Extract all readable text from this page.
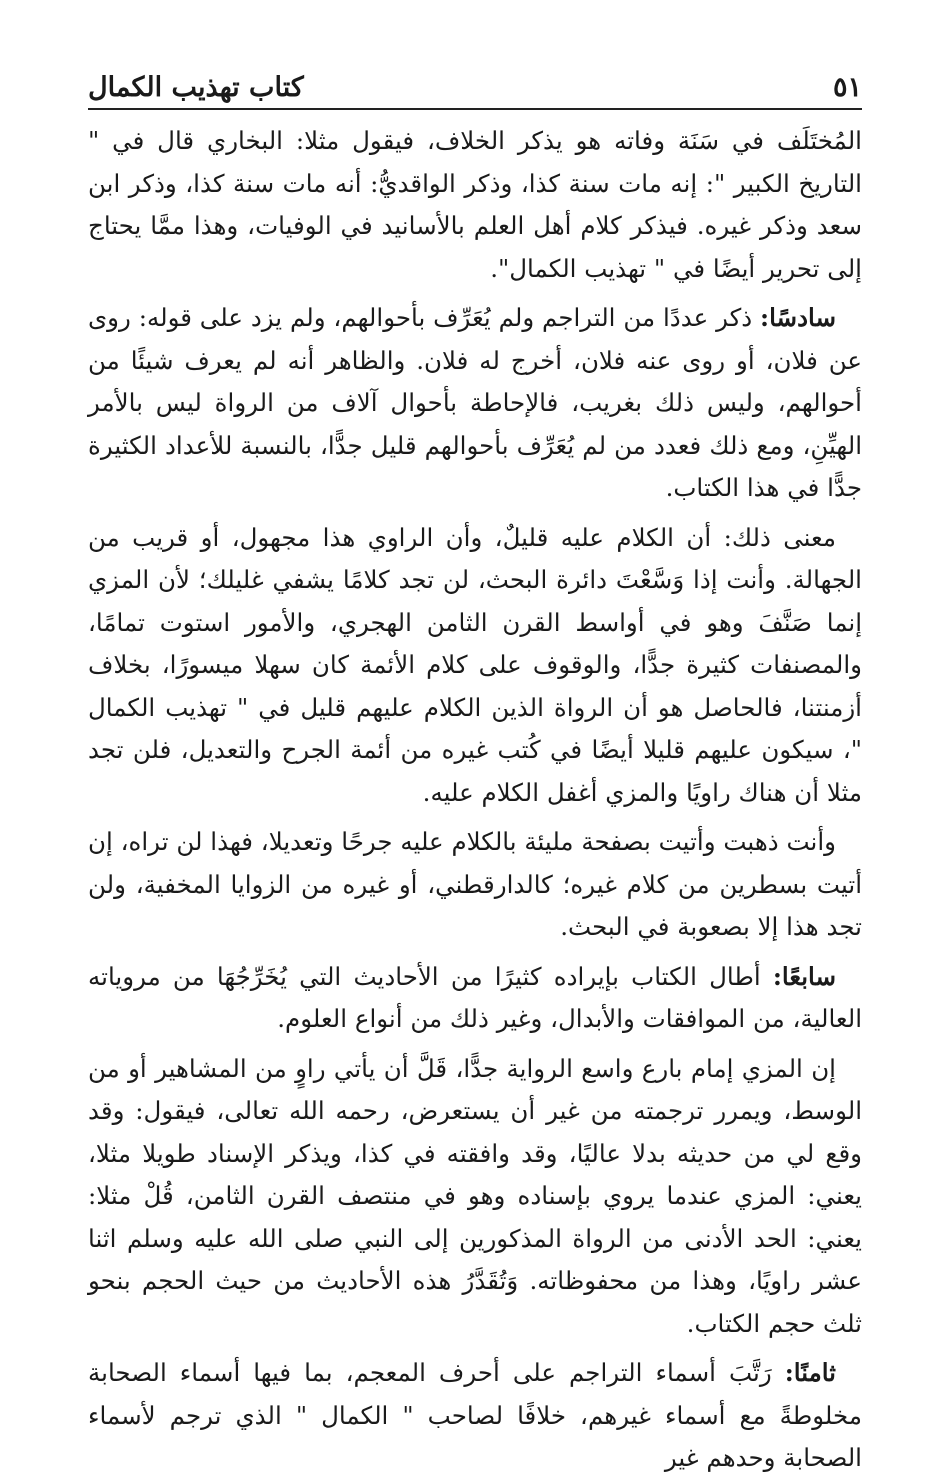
كتاب تهذيب الكمال	٥١

المُختَلَف في سَنَة وفاته هو يذكر الخلاف، فيقول مثلا: البخاري قال في " التاريخ الكبير ": إنه مات سنة كذا، وذكر الواقديُّ: أنه مات سنة كذا، وذكر ابن سعد وذكر غيره. فيذكر كلام أهل العلم بالأسانيد في الوفيات، وهذا ممَّا يحتاج إلى تحرير أيضًا في " تهذيب الكمال".

سادسًا: ذكر عددًا من التراجم ولم يُعَرِّف بأحوالهم، ولم يزد على قوله: روى عن فلان، أو روى عنه فلان، أخرج له فلان. والظاهر أنه لم يعرف شيئًا من أحوالهم، وليس ذلك بغريب، فالإحاطة بأحوال آلاف من الرواة ليس بالأمر الهيِّنِ، ومع ذلك فعدد من لم يُعَرِّف بأحوالهم قليل جدًّا، بالنسبة للأعداد الكثيرة جدًّا في هذا الكتاب.

معنى ذلك: أن الكلام عليه قليلٌ، وأن الراوي هذا مجهول، أو قريب من الجهالة. وأنت إذا وَسَّعْتَ دائرة البحث، لن تجد كلامًا يشفي غليلك؛ لأن المزي إنما صَنَّفَ وهو في أواسط القرن الثامن الهجري، والأمور استوت تمامًا، والمصنفات كثيرة جدًّا، والوقوف على كلام الأئمة كان سهلا ميسورًا، بخلاف أزمنتنا، فالحاصل هو أن الرواة الذين الكلام عليهم قليل في " تهذيب الكمال "، سيكون عليهم قليلا أيضًا في كُتب غيره من أئمة الجرح والتعديل، فلن تجد مثلا أن هناك راويًا والمزي أغفل الكلام عليه.

وأنت ذهبت وأتيت بصفحة مليئة بالكلام عليه جرحًا وتعديلا، فهذا لن تراه، إن أتيت بسطرين من كلام غيره؛ كالدارقطني، أو غيره من الزوايا المخفية، ولن تجد هذا إلا بصعوبة في البحث.

سابعًا: أطال الكتاب بإيراده كثيرًا من الأحاديث التي يُخَرِّجُهَا من مروياته العالية، من الموافقات والأبدال، وغير ذلك من أنواع العلوم.

إن المزي إمام بارع واسع الرواية جدًّا، قَلَّ أن يأتي راوٍ من المشاهير أو من الوسط، ويمرر ترجمته من غير أن يستعرض، رحمه الله تعالى، فيقول: وقد وقع لي من حديثه بدلا عاليًا، وقد وافقته في كذا، ويذكر الإسناد طويلا مثلا، يعني: المزي عندما يروي بإسناده وهو في منتصف القرن الثامن، قُلْ مثلا: يعني: الحد الأدنى من الرواة المذكورين إلى النبي صلى الله عليه وسلم اثنا عشر راويًا، وهذا من محفوظاته. وَتُقَدَّرُ هذه الأحاديث من حيث الحجم بنحو ثلث حجم الكتاب.

ثامنًا: رَتَّبَ أسماء التراجم على أحرف المعجم، بما فيها أسماء الصحابة مخلوطةً مع أسماء غيرهم، خلافًا لصاحب " الكمال " الذي ترجم لأسماء الصحابة وحدهم غير
